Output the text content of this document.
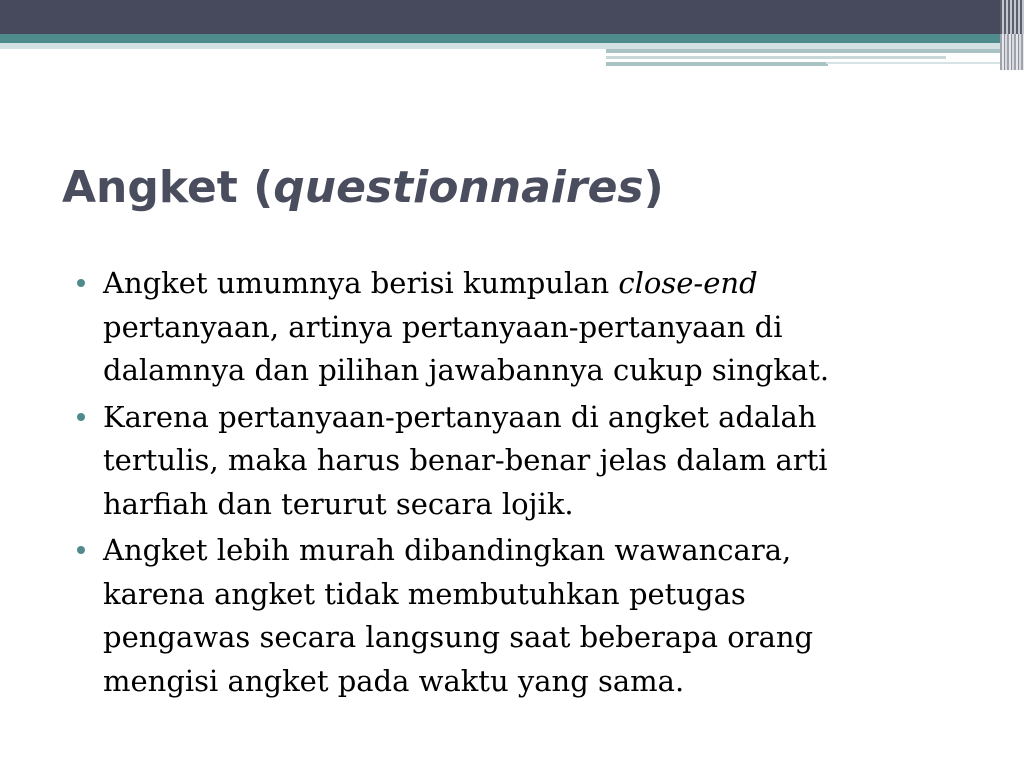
Angket (questionnaires)
Angket umumnya berisi kumpulan close-end
pertanyaan, artinya pertanyaan-pertanyaan di
dalamnya dan pilihan jawabannya cukup singkat.
Karena pertanyaan-pertanyaan di angket adalah
tertulis, maka harus benar-benar jelas dalam arti
harfiah dan terurut secara lojik.
Angket lebih murah dibandingkan wawancara,
karena angket tidak membutuhkan petugas
pengawas secara langsung saat beberapa orang
mengisi angket pada waktu yang sama.
